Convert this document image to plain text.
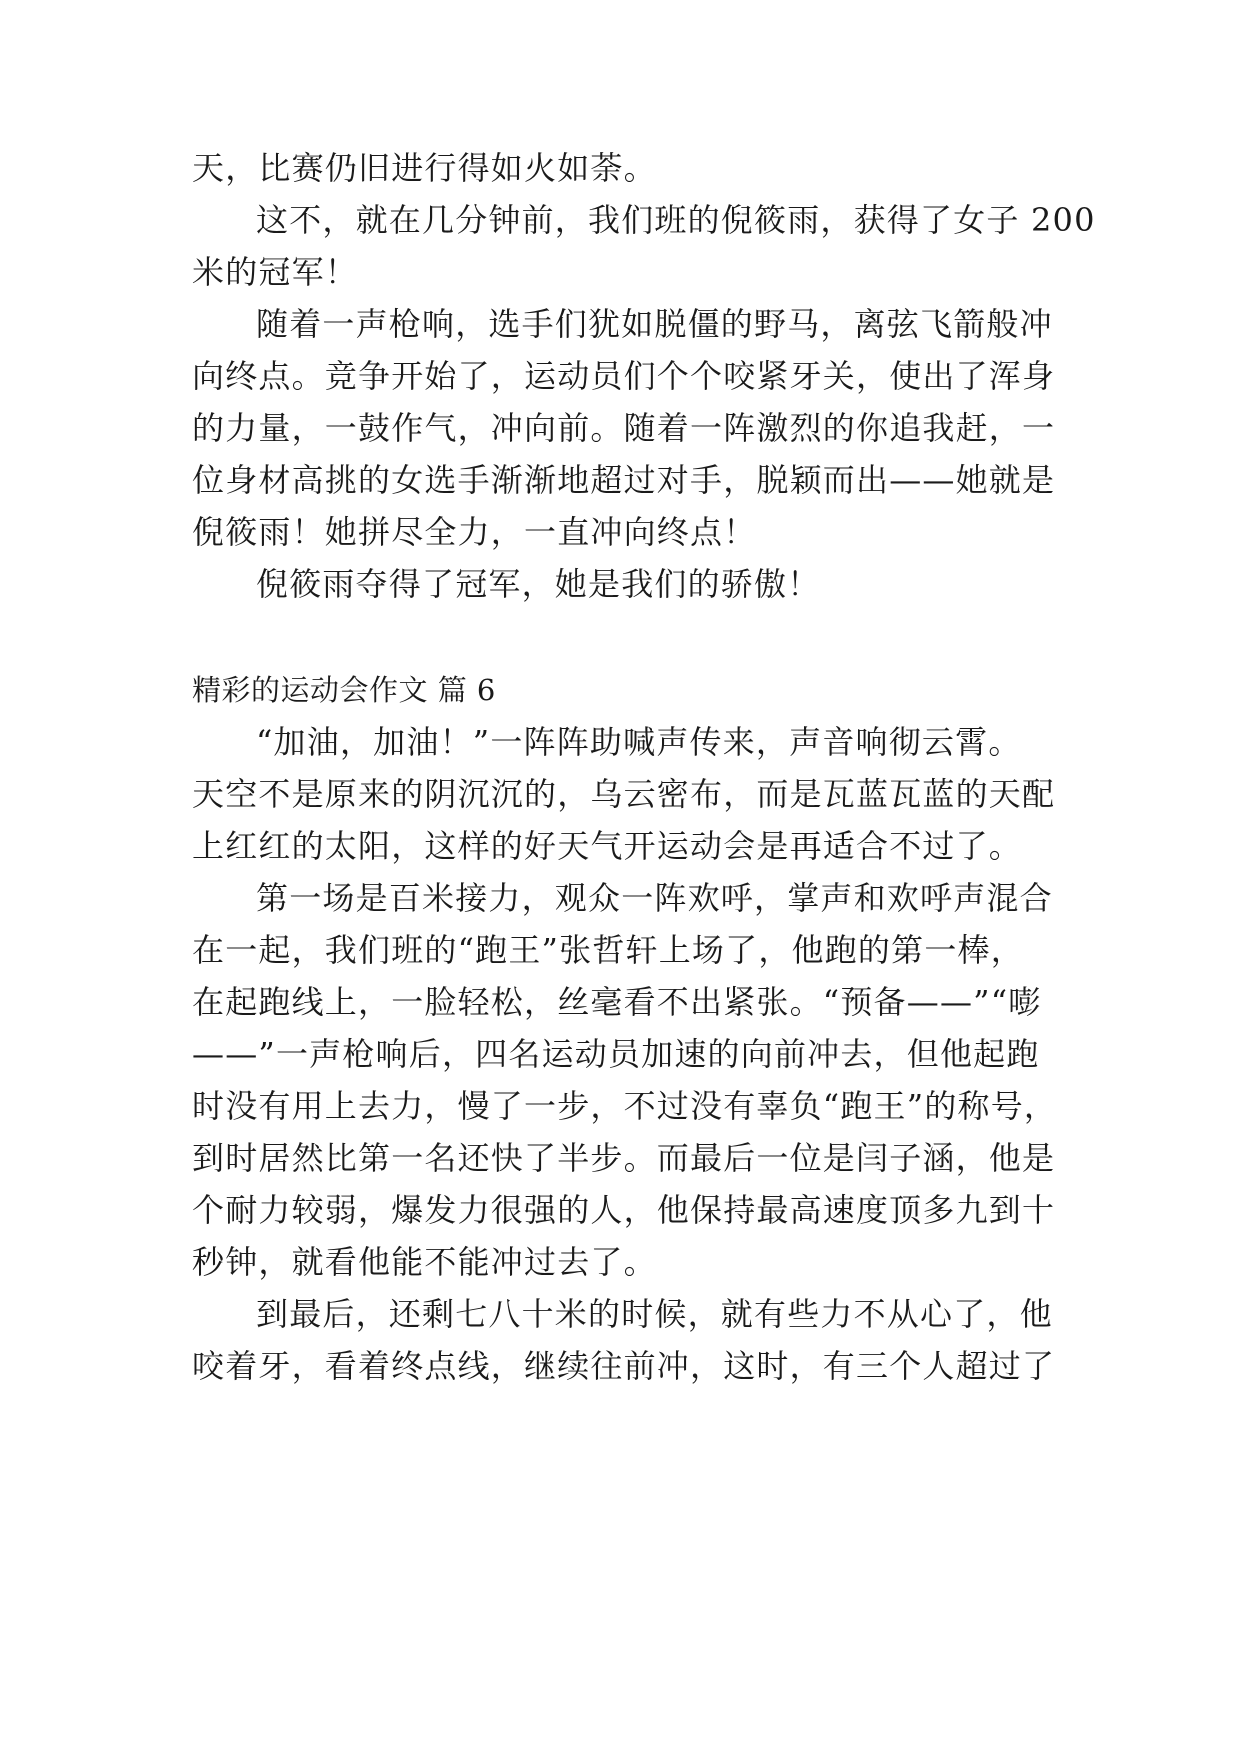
天，比赛仍旧进行得如火如荼。
这不，就在几分钟前，我们班的倪筱雨，获得了女子 200
米的冠军！
随着一声枪响，选手们犹如脱僵的野马，离弦飞箭般冲
向终点。竞争开始了，运动员们个个咬紧牙关，使出了浑身
的力量，一鼓作气，冲向前。随着一阵激烈的你追我赶，一
位身材高挑的女选手渐渐地超过对手，脱颖而出——她就是
倪筱雨！她拼尽全力，一直冲向终点！
倪筱雨夺得了冠军，她是我们的骄傲！
精彩的运动会作文 篇 6
“加油，加油！”一阵阵助喊声传来，声音响彻云霄。
天空不是原来的阴沉沉的，乌云密布，而是瓦蓝瓦蓝的天配
上红红的太阳，这样的好天气开运动会是再适合不过了。
第一场是百米接力，观众一阵欢呼，掌声和欢呼声混合
在一起，我们班的“跑王”张哲轩上场了，他跑的第一棒，
在起跑线上，一脸轻松，丝毫看不出紧张。“预备——”“嘭
——”一声枪响后，四名运动员加速的向前冲去，但他起跑
时没有用上去力，慢了一步，不过没有辜负“跑王”的称号，
到时居然比第一名还快了半步。而最后一位是闫子涵，他是
个耐力较弱，爆发力很强的人，他保持最高速度顶多九到十
秒钟，就看他能不能冲过去了。
到最后，还剩七八十米的时候，就有些力不从心了，他
咬着牙，看着终点线，继续往前冲，这时，有三个人超过了
